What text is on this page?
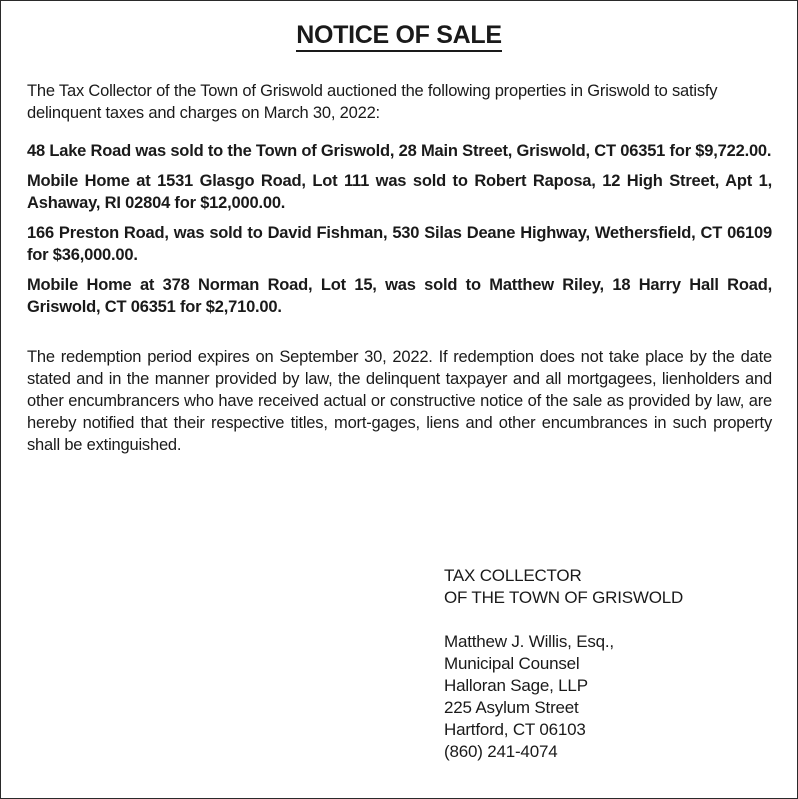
NOTICE OF SALE

The Tax Collector of the Town of Griswold auctioned the following properties in Griswold to satisfy delinquent taxes and charges on March 30, 2022:

48 Lake Road was sold to the Town of Griswold, 28 Main Street, Griswold, CT 06351 for $9,722.00.

Mobile Home at 1531 Glasgo Road, Lot 111 was sold to Robert Raposa, 12 High Street, Apt 1, Ashaway, RI 02804 for $12,000.00.

166 Preston Road, was sold to David Fishman, 530 Silas Deane Highway, Wethersfield, CT 06109 for $36,000.00.

Mobile Home at 378 Norman Road, Lot 15, was sold to Matthew Riley, 18 Harry Hall Road, Griswold, CT 06351 for $2,710.00.

The redemption period expires on September 30, 2022. If redemption does not take place by the date stated and in the manner provided by law, the delinquent taxpayer and all mortgagees, lienholders and other encumbrancers who have received actual or constructive notice of the sale as provided by law, are hereby notified that their respective titles, mort-gages, liens and other encumbrances in such property shall be extinguished.

TAX COLLECTOR
OF THE TOWN OF GRISWOLD
Matthew J. Willis, Esq.,
Municipal Counsel
Halloran Sage, LLP
225 Asylum Street
Hartford, CT 06103
(860) 241-4074
